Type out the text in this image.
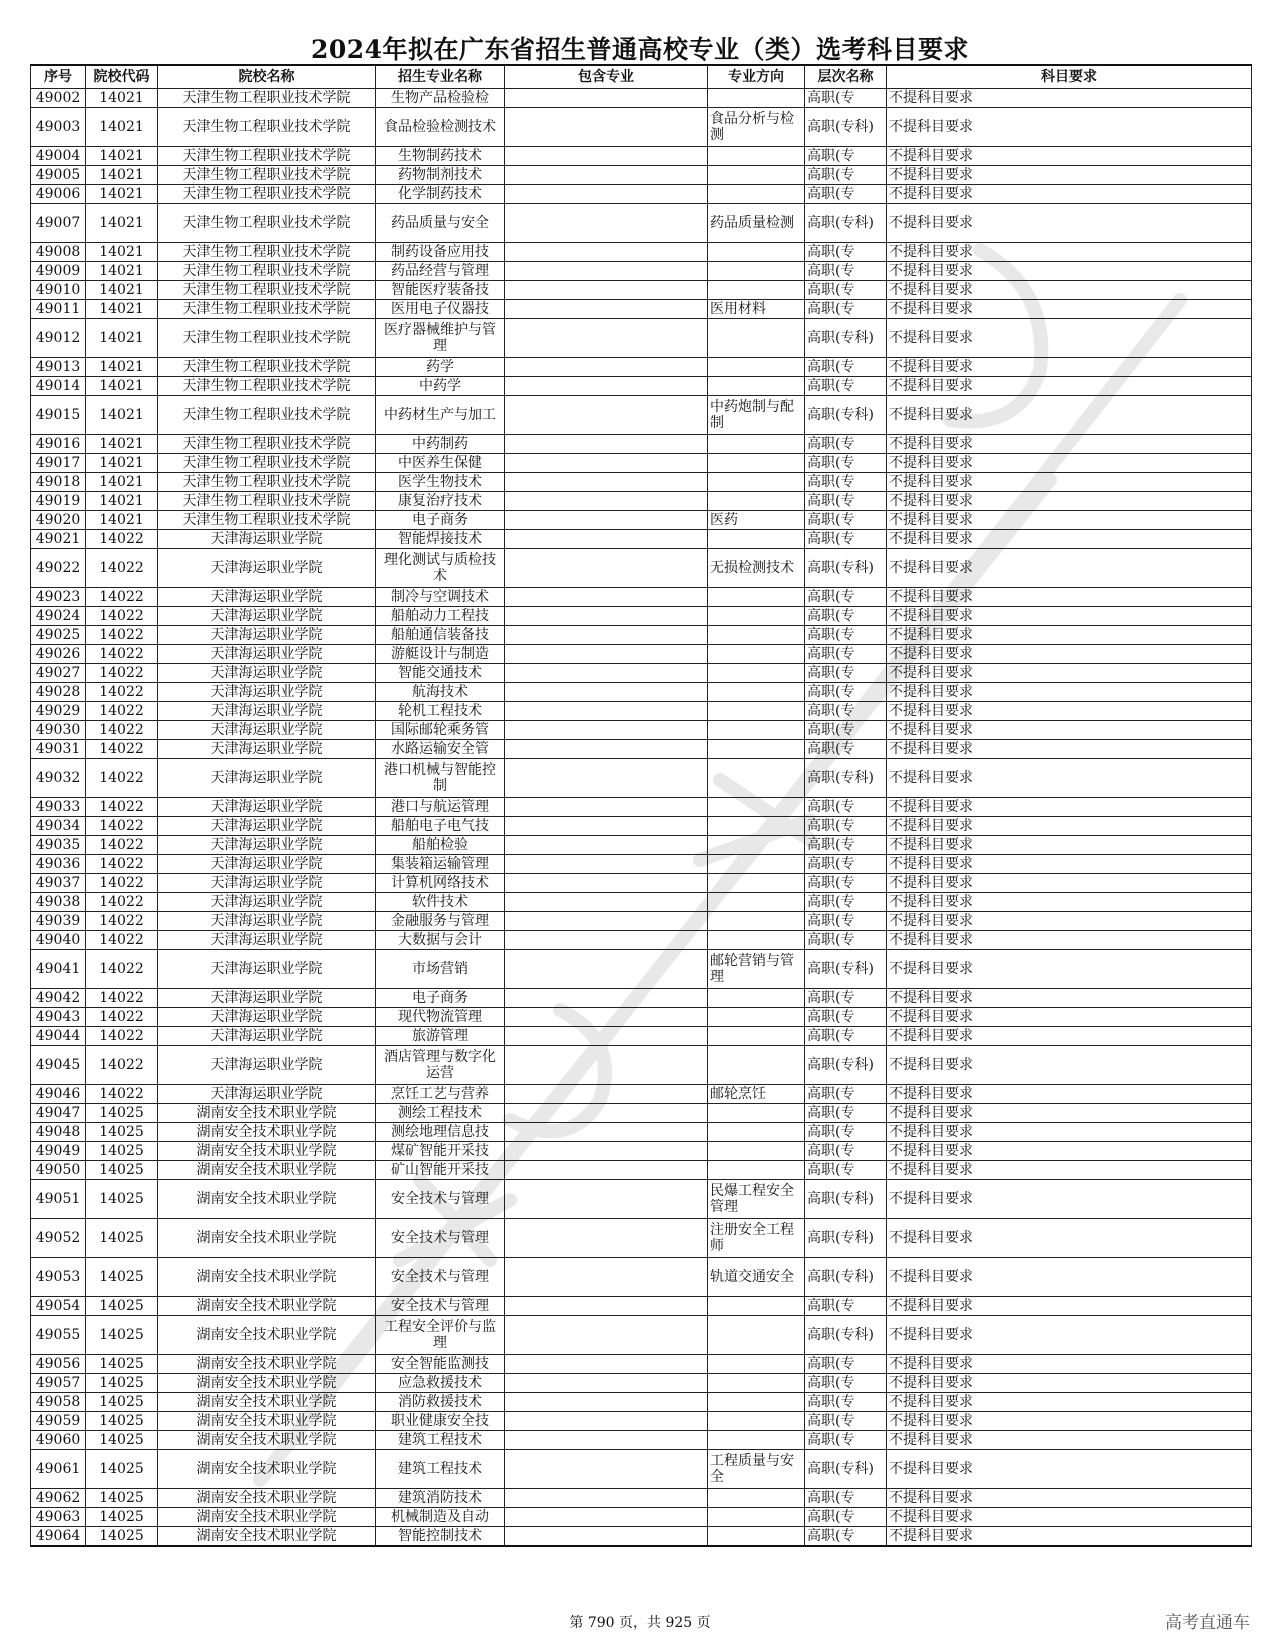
2024年拟在广东省招生普通高校专业（类）选考科目要求
序号	院校代码	院校名称	招生专业名称	包含专业	专业方向	层次名称	科目要求
49002	14021	天津生物工程职业技术学院	生物产品检验检			高职(专	不提科目要求
49003	14021	天津生物工程职业技术学院	食品检验检测技术		食品分析与检测	高职(专科)	不提科目要求
49004	14021	天津生物工程职业技术学院	生物制药技术			高职(专	不提科目要求
49005	14021	天津生物工程职业技术学院	药物制剂技术			高职(专	不提科目要求
49006	14021	天津生物工程职业技术学院	化学制药技术			高职(专	不提科目要求
49007	14021	天津生物工程职业技术学院	药品质量与安全		药品质量检测	高职(专科)	不提科目要求
49008	14021	天津生物工程职业技术学院	制药设备应用技			高职(专	不提科目要求
49009	14021	天津生物工程职业技术学院	药品经营与管理			高职(专	不提科目要求
49010	14021	天津生物工程职业技术学院	智能医疗装备技			高职(专	不提科目要求
49011	14021	天津生物工程职业技术学院	医用电子仪器技		医用材料	高职(专	不提科目要求
49012	14021	天津生物工程职业技术学院	医疗器械维护与管理			高职(专科)	不提科目要求
49013	14021	天津生物工程职业技术学院	药学			高职(专	不提科目要求
49014	14021	天津生物工程职业技术学院	中药学			高职(专	不提科目要求
49015	14021	天津生物工程职业技术学院	中药材生产与加工		中药炮制与配制	高职(专科)	不提科目要求
49016	14021	天津生物工程职业技术学院	中药制药			高职(专	不提科目要求
49017	14021	天津生物工程职业技术学院	中医养生保健			高职(专	不提科目要求
49018	14021	天津生物工程职业技术学院	医学生物技术			高职(专	不提科目要求
49019	14021	天津生物工程职业技术学院	康复治疗技术			高职(专	不提科目要求
49020	14021	天津生物工程职业技术学院	电子商务		医药	高职(专	不提科目要求
49021	14022	天津海运职业学院	智能焊接技术			高职(专	不提科目要求
49022	14022	天津海运职业学院	理化测试与质检技术		无损检测技术	高职(专科)	不提科目要求
49023	14022	天津海运职业学院	制冷与空调技术			高职(专	不提科目要求
49024	14022	天津海运职业学院	船舶动力工程技			高职(专	不提科目要求
49025	14022	天津海运职业学院	船舶通信装备技			高职(专	不提科目要求
49026	14022	天津海运职业学院	游艇设计与制造			高职(专	不提科目要求
49027	14022	天津海运职业学院	智能交通技术			高职(专	不提科目要求
49028	14022	天津海运职业学院	航海技术			高职(专	不提科目要求
49029	14022	天津海运职业学院	轮机工程技术			高职(专	不提科目要求
49030	14022	天津海运职业学院	国际邮轮乘务管			高职(专	不提科目要求
49031	14022	天津海运职业学院	水路运输安全管			高职(专	不提科目要求
49032	14022	天津海运职业学院	港口机械与智能控制			高职(专科)	不提科目要求
49033	14022	天津海运职业学院	港口与航运管理			高职(专	不提科目要求
49034	14022	天津海运职业学院	船舶电子电气技			高职(专	不提科目要求
49035	14022	天津海运职业学院	船舶检验			高职(专	不提科目要求
49036	14022	天津海运职业学院	集装箱运输管理			高职(专	不提科目要求
49037	14022	天津海运职业学院	计算机网络技术			高职(专	不提科目要求
49038	14022	天津海运职业学院	软件技术			高职(专	不提科目要求
49039	14022	天津海运职业学院	金融服务与管理			高职(专	不提科目要求
49040	14022	天津海运职业学院	大数据与会计			高职(专	不提科目要求
49041	14022	天津海运职业学院	市场营销		邮轮营销与管理	高职(专科)	不提科目要求
49042	14022	天津海运职业学院	电子商务			高职(专	不提科目要求
49043	14022	天津海运职业学院	现代物流管理			高职(专	不提科目要求
49044	14022	天津海运职业学院	旅游管理			高职(专	不提科目要求
49045	14022	天津海运职业学院	酒店管理与数字化运营			高职(专科)	不提科目要求
49046	14022	天津海运职业学院	烹饪工艺与营养		邮轮烹饪	高职(专	不提科目要求
49047	14025	湖南安全技术职业学院	测绘工程技术			高职(专	不提科目要求
49048	14025	湖南安全技术职业学院	测绘地理信息技			高职(专	不提科目要求
49049	14025	湖南安全技术职业学院	煤矿智能开采技			高职(专	不提科目要求
49050	14025	湖南安全技术职业学院	矿山智能开采技			高职(专	不提科目要求
49051	14025	湖南安全技术职业学院	安全技术与管理		民爆工程安全管理	高职(专科)	不提科目要求
49052	14025	湖南安全技术职业学院	安全技术与管理		注册安全工程师	高职(专科)	不提科目要求
49053	14025	湖南安全技术职业学院	安全技术与管理		轨道交通安全	高职(专科)	不提科目要求
49054	14025	湖南安全技术职业学院	安全技术与管理			高职(专	不提科目要求
49055	14025	湖南安全技术职业学院	工程安全评价与监理			高职(专科)	不提科目要求
49056	14025	湖南安全技术职业学院	安全智能监测技			高职(专	不提科目要求
49057	14025	湖南安全技术职业学院	应急救援技术			高职(专	不提科目要求
49058	14025	湖南安全技术职业学院	消防救援技术			高职(专	不提科目要求
49059	14025	湖南安全技术职业学院	职业健康安全技			高职(专	不提科目要求
49060	14025	湖南安全技术职业学院	建筑工程技术			高职(专	不提科目要求
49061	14025	湖南安全技术职业学院	建筑工程技术		工程质量与安全	高职(专科)	不提科目要求
49062	14025	湖南安全技术职业学院	建筑消防技术			高职(专	不提科目要求
49063	14025	湖南安全技术职业学院	机械制造及自动			高职(专	不提科目要求
49064	14025	湖南安全技术职业学院	智能控制技术			高职(专	不提科目要求
第 790 页，共 925 页	高考直通车
